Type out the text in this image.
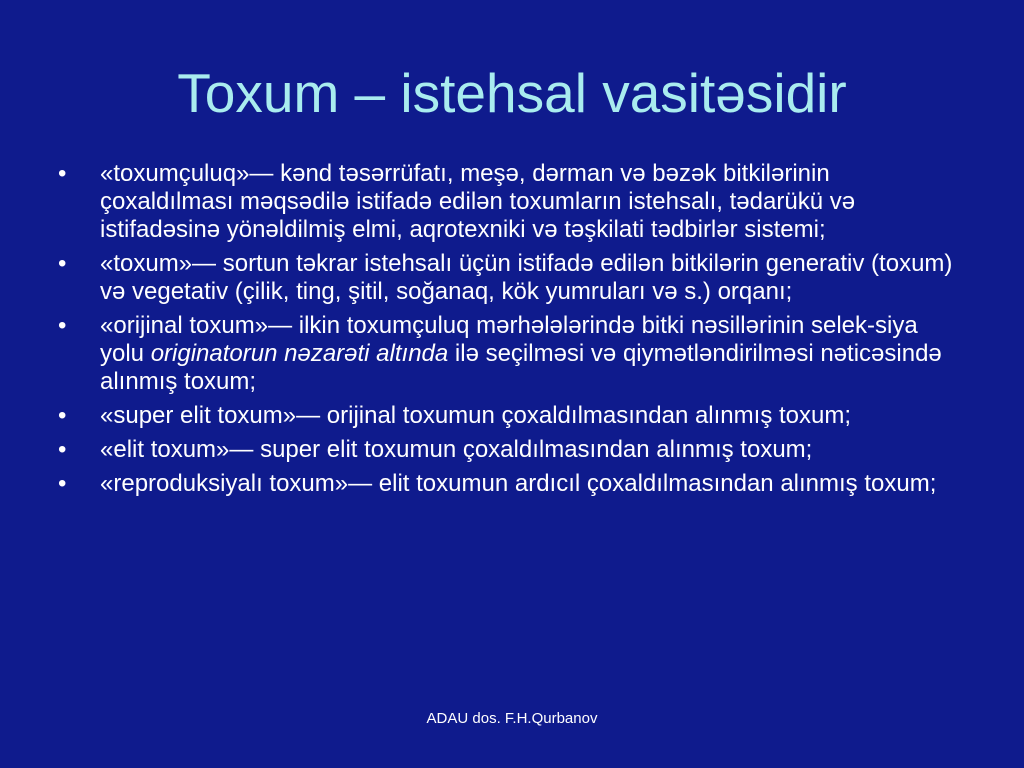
Toxum – istehsal vasitəsidir
•	«toxumçuluq»— kənd təsərrüfatı, meşə, dərman və bəzək bitkilərinin çoxaldılması məqsədilə istifadə edilən toxumların istehsalı, tədarükü və istifadəsinə yönəldilmiş elmi, aqrotexniki və təşkilati tədbirlər sistemi;
•	«toxum»— sortun təkrar istehsalı üçün istifadə edilən bitkilərin generativ (toxum) və vegetativ (çilik, ting, şitil, soğanaq, kök yumruları və s.) orqanı;
•	«orijinal toxum»— ilkin toxumçuluq mərhələlərində bitki nəsillərinin selek-siya yolu originatorun nəzarəti altında ilə seçilməsi və qiymətləndirilməsi nəticəsində alınmış toxum;
•	«super elit toxum»— orijinal toxumun çoxaldılmasından alınmış toxum;
•	«elit toxum»— super elit toxumun çoxaldılmasından alınmış toxum;
•	«reproduksiyalı toxum»— elit toxumun ardıcıl çoxaldılmasından alınmış toxum;
ADAU dos. F.H.Qurbanov
